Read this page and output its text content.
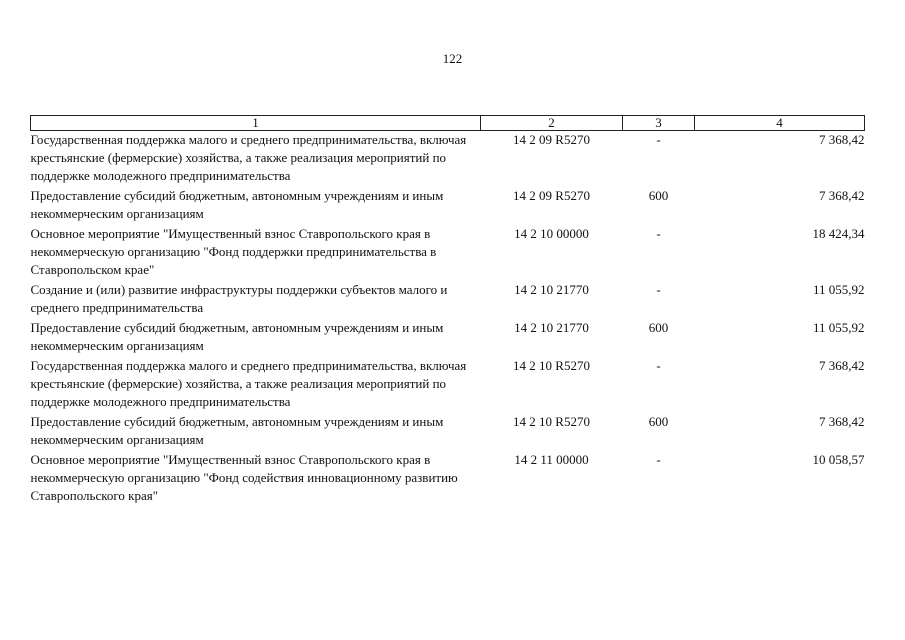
122
1	2	3	4
Государственная поддержка малого и среднего предпринимательства, включая крестьянские (фермерские) хозяйства, а также реализация мероприятий по поддержке молодежного предпринимательства	14 2 09 R5270	-	7 368,42
Предоставление субсидий бюджетным, автономным учреждениям и иным некоммерческим организациям	14 2 09 R5270	600	7 368,42
Основное мероприятие "Имущественный взнос Ставропольского края в некоммерческую организацию "Фонд поддержки предпринимательства в Ставропольском крае"	14 2 10 00000	-	18 424,34
Создание и (или) развитие инфраструктуры поддержки субъектов малого и среднего предпринимательства	14 2 10 21770	-	11 055,92
Предоставление субсидий бюджетным, автономным учреждениям и иным некоммерческим организациям	14 2 10 21770	600	11 055,92
Государственная поддержка малого и среднего предпринимательства, включая крестьянские (фермерские) хозяйства, а также реализация мероприятий по поддержке молодежного предпринимательства	14 2 10 R5270	-	7 368,42
Предоставление субсидий бюджетным, автономным учреждениям и иным некоммерческим организациям	14 2 10 R5270	600	7 368,42
Основное мероприятие "Имущественный взнос Ставропольского края в некоммерческую организацию "Фонд содействия инновационному развитию Ставропольского края"	14 2 11 00000	-	10 058,57
